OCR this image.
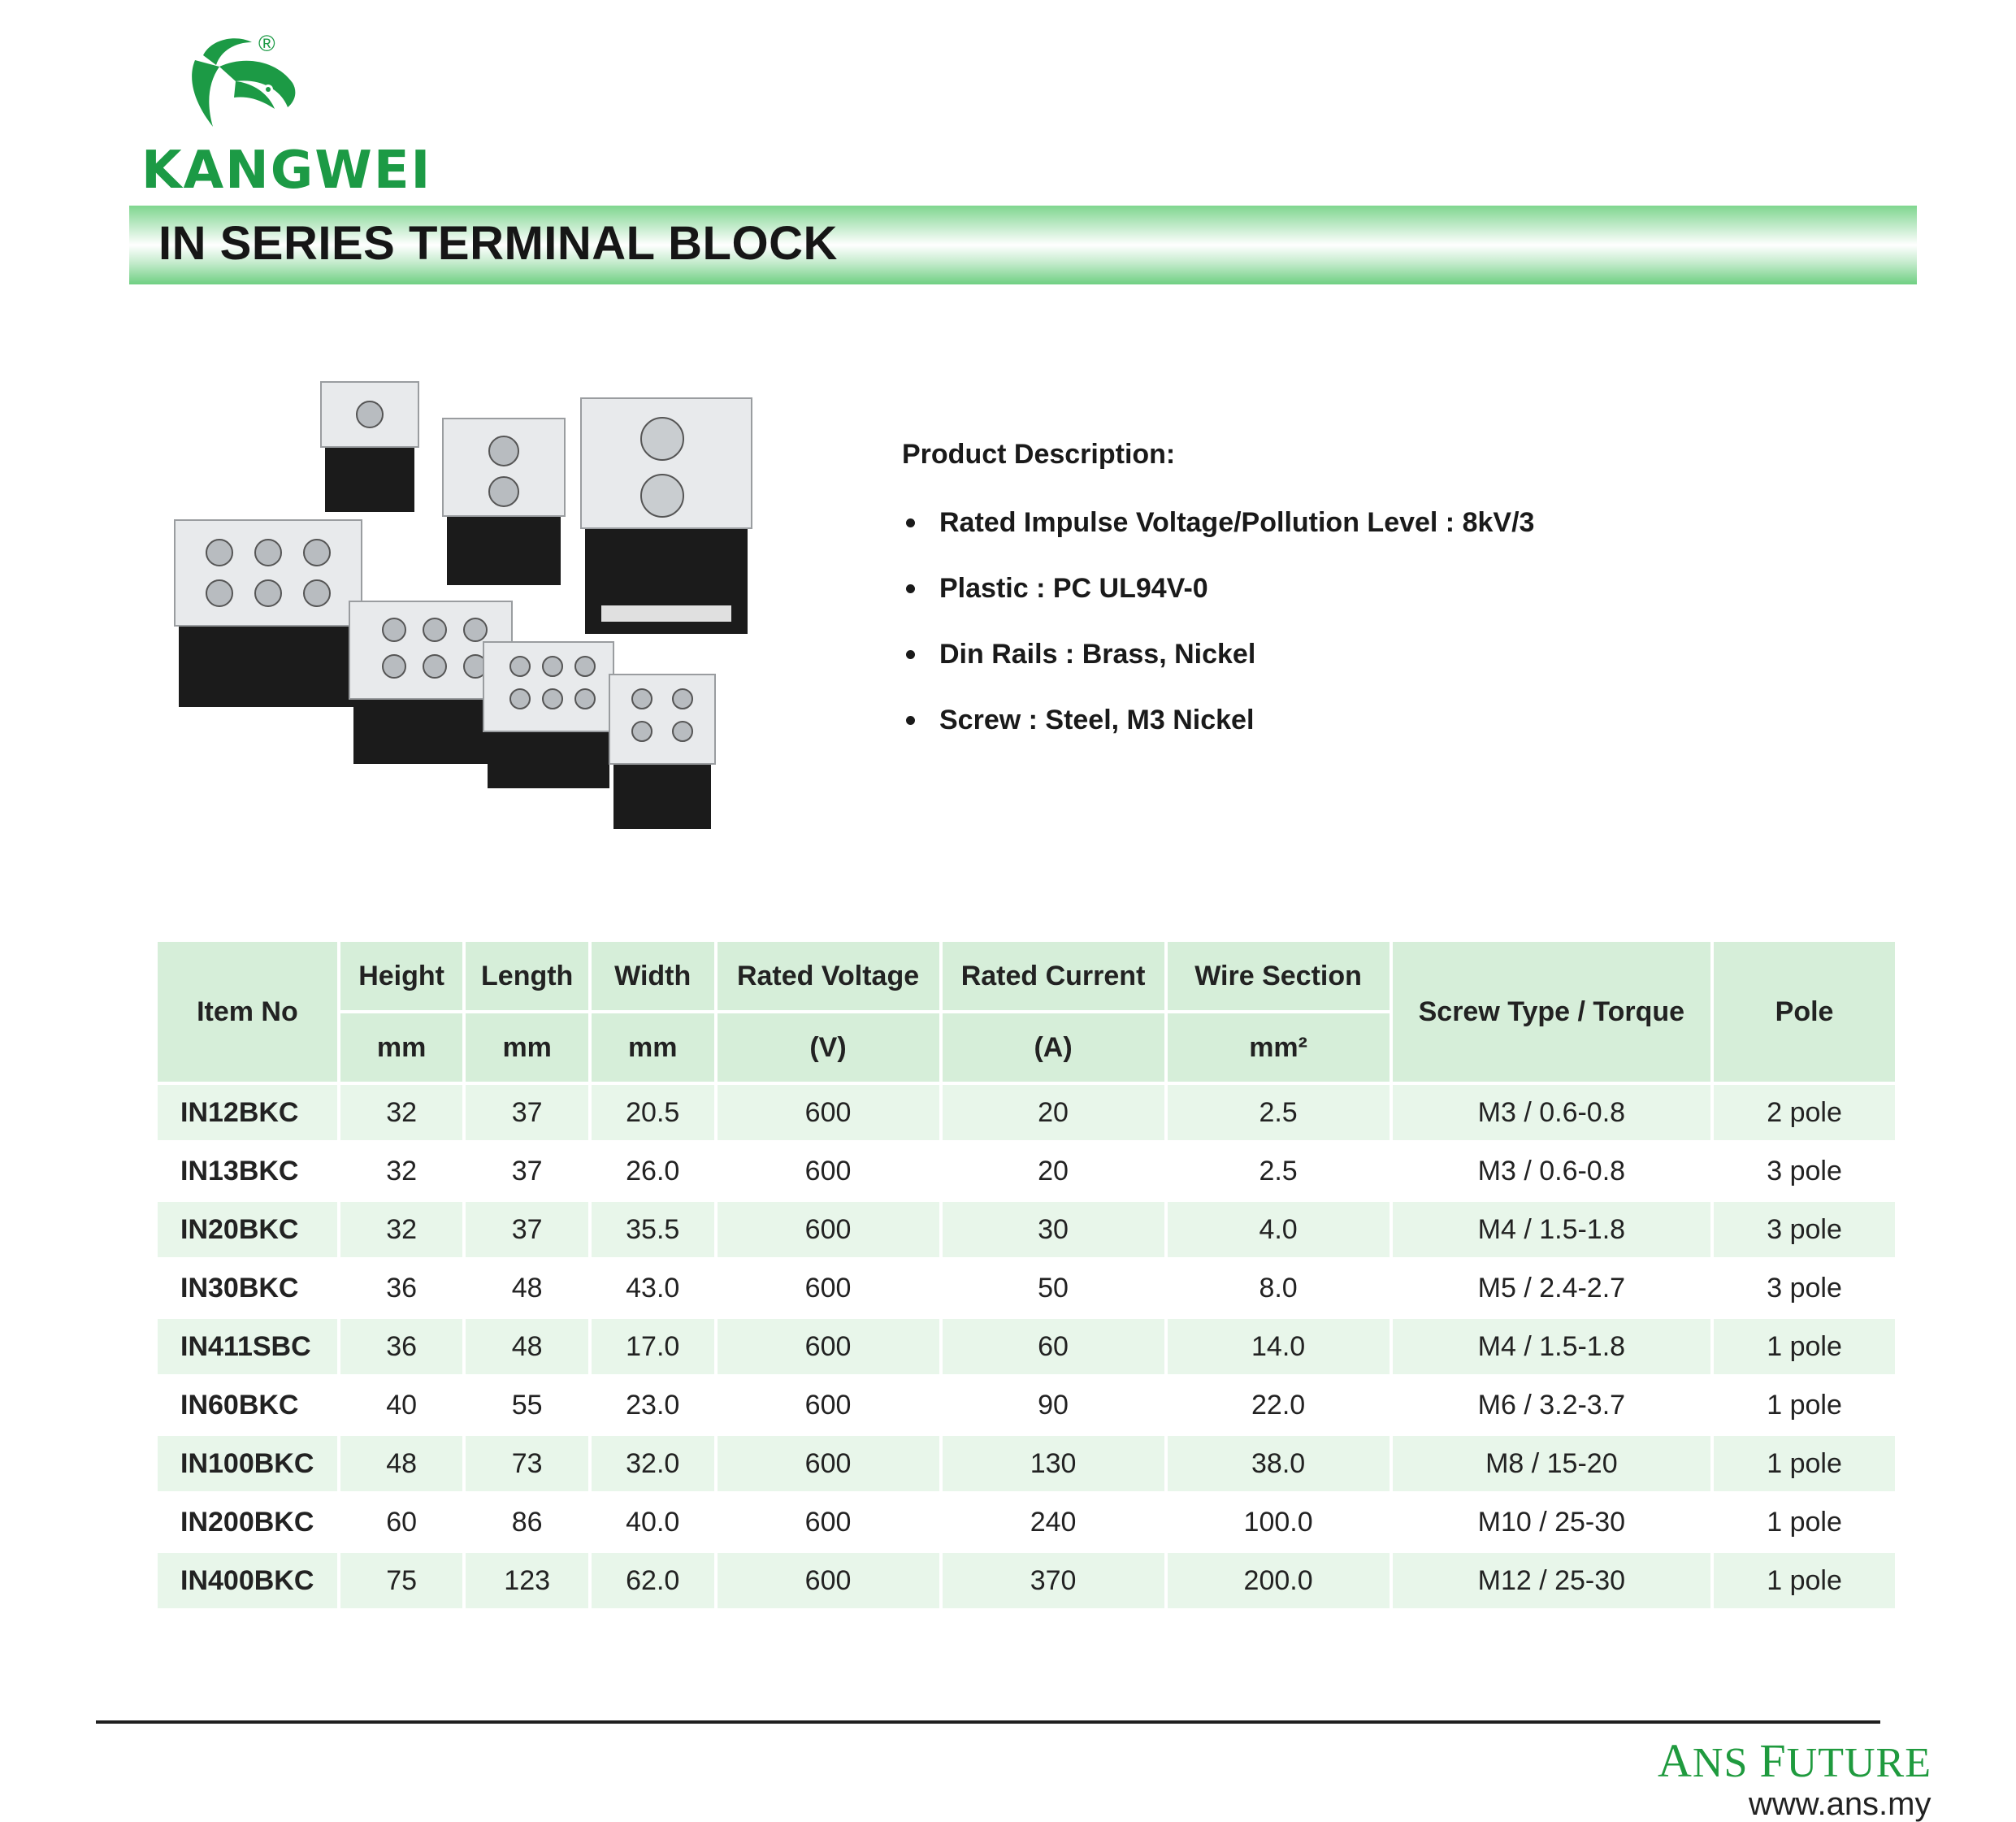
®
KANGWEI
IN SERIES TERMINAL BLOCK
Product Description:
Rated Impulse Voltage/Pollution Level : 8kV/3
Plastic : PC UL94V-0
Din Rails : Brass, Nickel
Screw : Steel, M3 Nickel
Item No	Height	Length	Width	Rated Voltage	Rated Current	Wire Section	Screw Type / Torque	Pole
	mm	mm	mm	(V)	(A)	mm²		
IN12BKC	32	37	20.5	600	20	2.5	M3 / 0.6-0.8	2 pole
IN13BKC	32	37	26.0	600	20	2.5	M3 / 0.6-0.8	3 pole
IN20BKC	32	37	35.5	600	30	4.0	M4 / 1.5-1.8	3 pole
IN30BKC	36	48	43.0	600	50	8.0	M5 / 2.4-2.7	3 pole
IN411SBC	36	48	17.0	600	60	14.0	M4 / 1.5-1.8	1 pole
IN60BKC	40	55	23.0	600	90	22.0	M6 / 3.2-3.7	1 pole
IN100BKC	48	73	32.0	600	130	38.0	M8 / 15-20	1 pole
IN200BKC	60	86	40.0	600	240	100.0	M10 / 25-30	1 pole
IN400BKC	75	123	62.0	600	370	200.0	M12 / 25-30	1 pole
ANS FUTURE
www.ans.my
